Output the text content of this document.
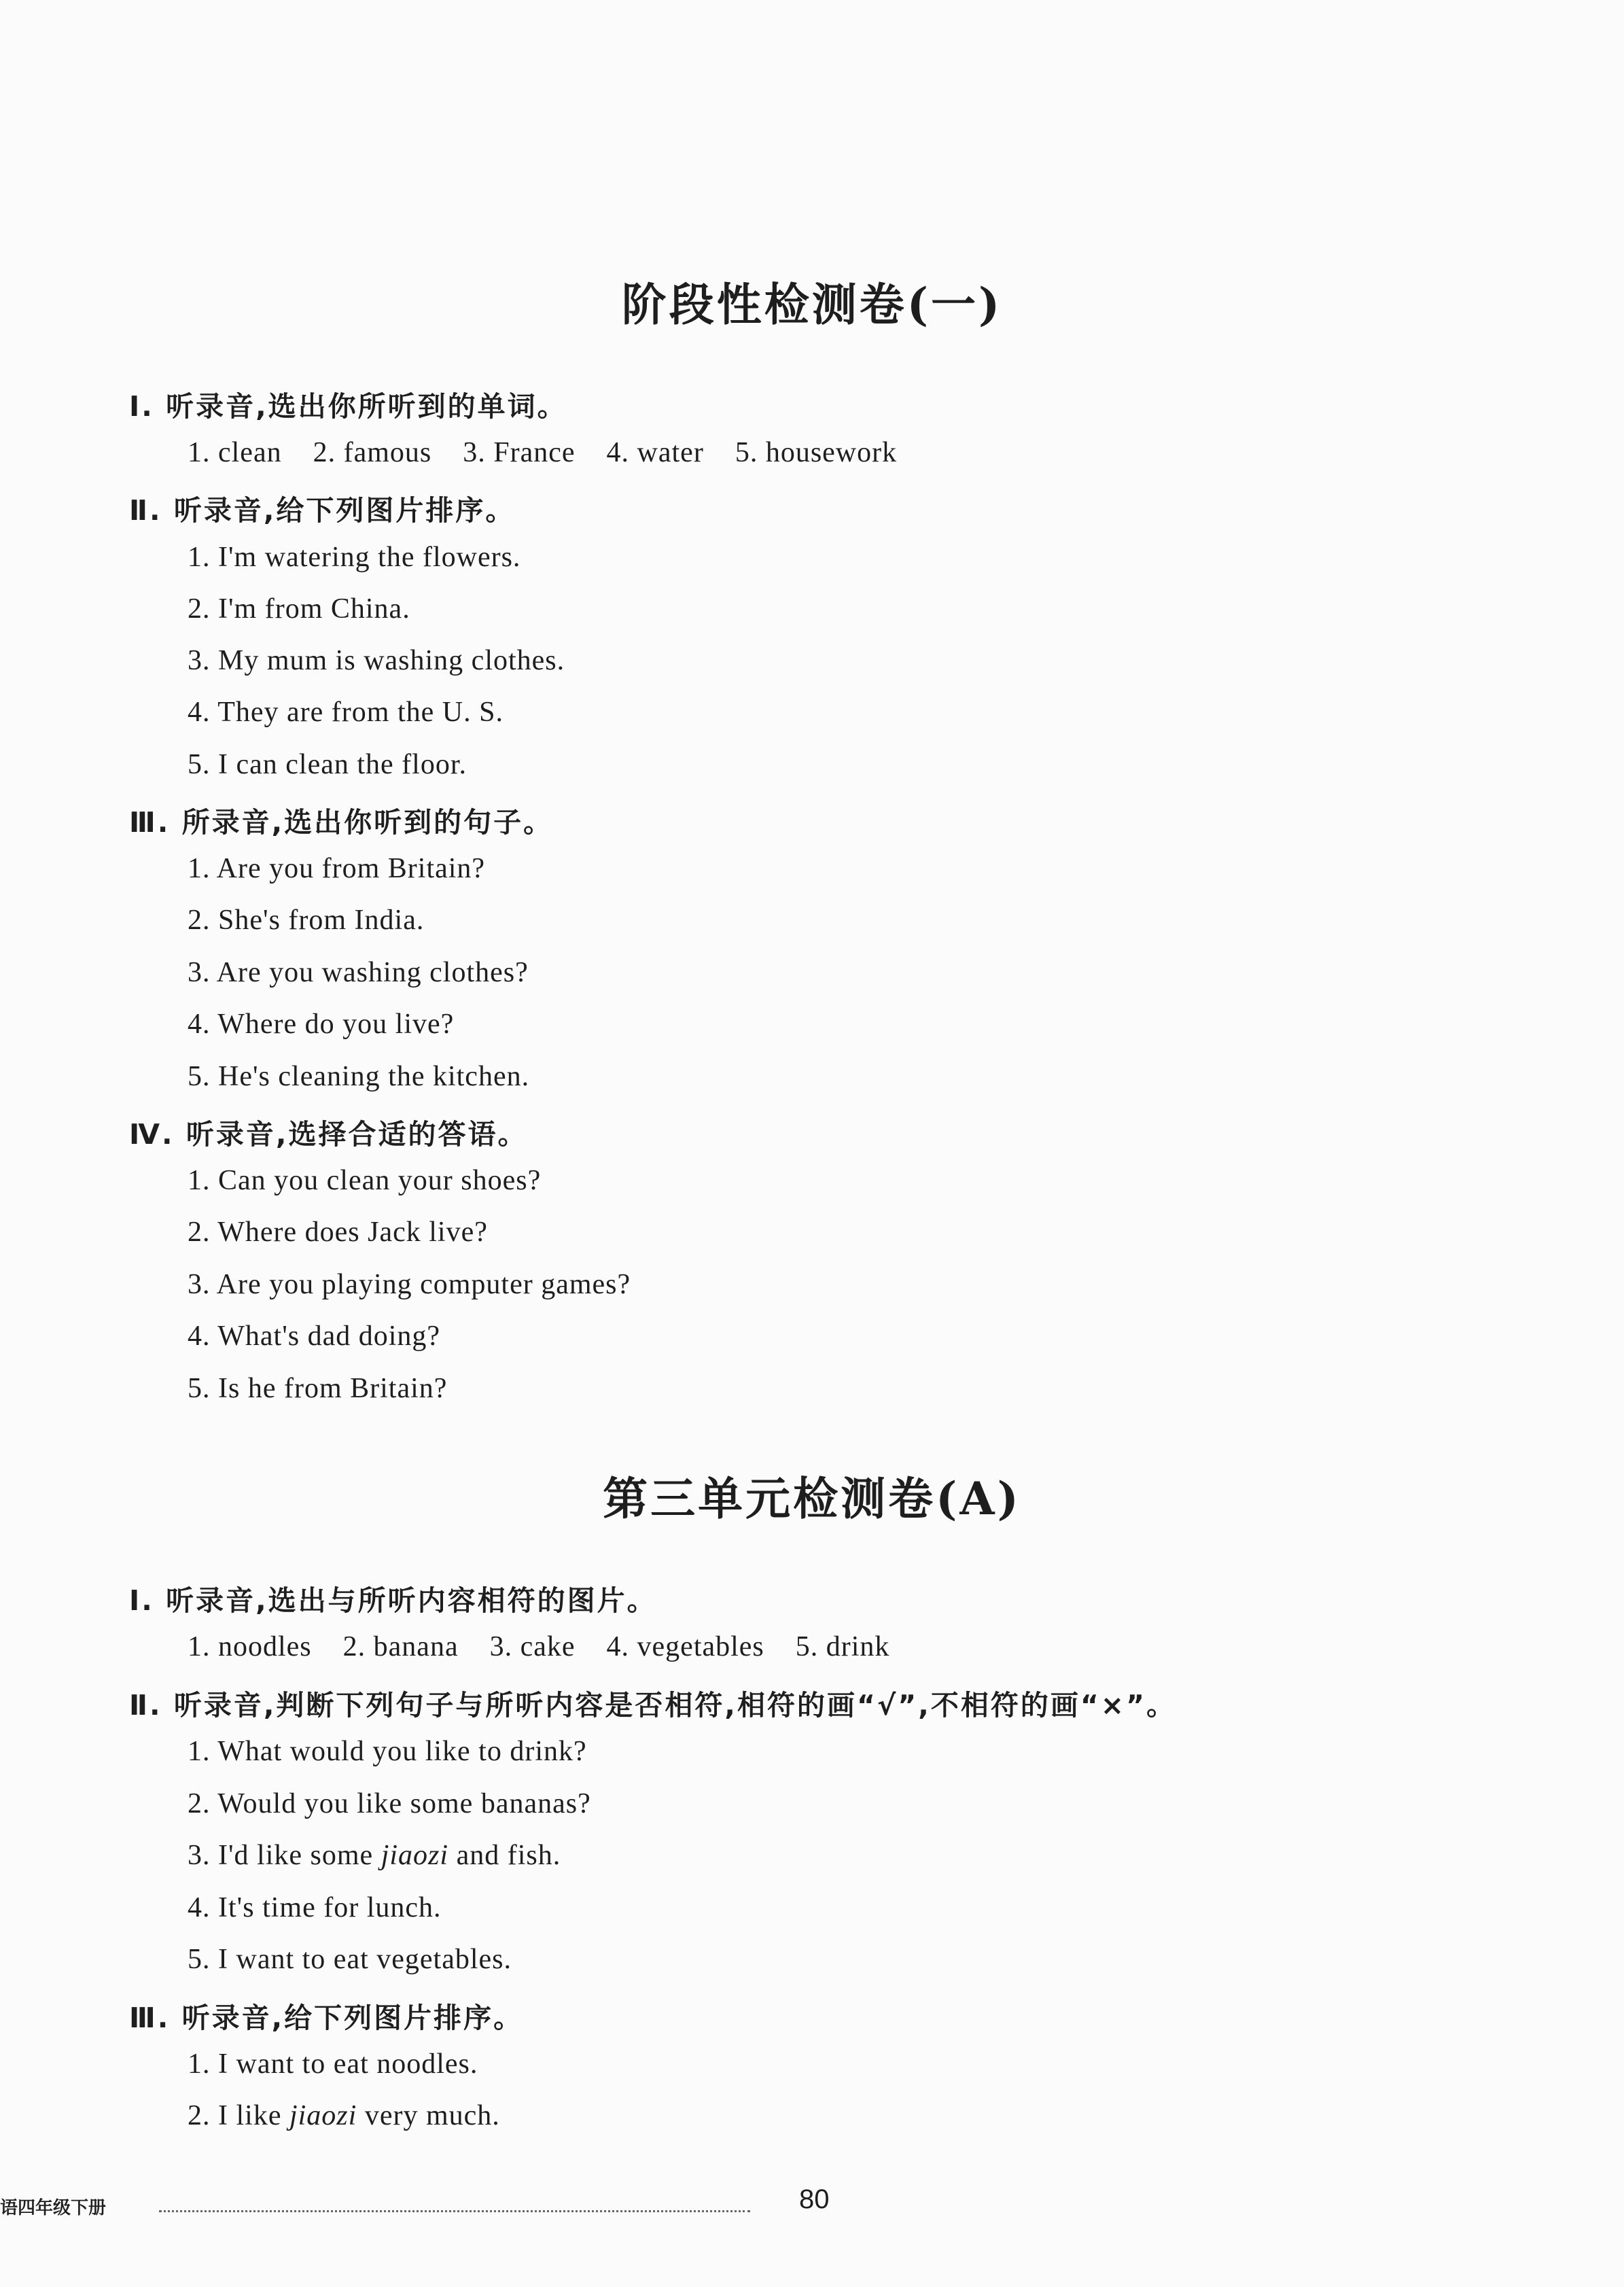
阶段性检测卷(一)

Ⅰ. 听录音,选出你所听到的单词。

1. clean 2. famous 3. France 4. water 5. housework

Ⅱ. 听录音,给下列图片排序。

1. I'm watering the flowers.

2. I'm from China.

3. My mum is washing clothes.

4. They are from the U. S.

5. I can clean the floor.

Ⅲ. 所录音,选出你听到的句子。

1. Are you from Britain?

2. She's from India.

3. Are you washing clothes?

4. Where do you live?

5. He's cleaning the kitchen.

Ⅳ. 听录音,选择合适的答语。

1. Can you clean your shoes?

2. Where does Jack live?

3. Are you playing computer games?

4. What's dad doing?

5. Is he from Britain?

第三单元检测卷(A)

Ⅰ. 听录音,选出与所听内容相符的图片。

1. noodles 2. banana 3. cake 4. vegetables 5. drink

Ⅱ. 听录音,判断下列句子与所听内容是否相符,相符的画“√”,不相符的画“×”。

1. What would you like to drink?

2. Would you like some bananas?

3. I'd like some jiaozi and fish.

4. It's time for lunch.

5. I want to eat vegetables.

Ⅲ. 听录音,给下列图片排序。

1. I want to eat noodles.

2. I like jiaozi very much.

语四年级下册	80
